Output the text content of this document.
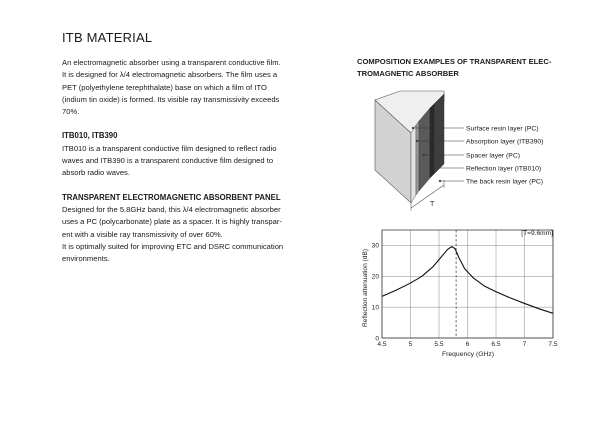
ITB MATERIAL

An electromagnetic absorber using a transparent conductive film.

It is designed for λ/4 electromagnetic absorbers. The film uses a

PET (polyethylene terephthalate) base on which a film of ITO

(indium tin oxide) is formed. Its visible ray transmissivity exceeds

70%.

ITB010, ITB390

ITB010 is a transparent conductive film designed to reflect radio

waves and ITB390 is a transparent conductive film designed to

absorb radio waves.

TRANSPARENT ELECTROMAGNETIC ABSORBENT PANEL

Designed for the 5.8GHz band, this λ/4 electromagnetic absorber

uses a PC (polycarbonate) plate as a spacer. It is highly transpar-

ent with a visible ray transmissivity of over 60%.

It is optimally suited for improving ETC and DSRC communication

environments.

COMPOSITION EXAMPLES OF TRANSPARENT ELEC-
TROMAGNETIC ABSORBER
T
Surface resin layer (PC)
Absorption layer (ITB390)
Spacer layer (PC)
Reflection layer (ITB010)
The back resin layer (PC)
4.5	5	5.5	6	6.5	7	7.5
0
10
20
30
[T=9.6mm]
Frequency (GHz)
Reflection attenuation (dB)
